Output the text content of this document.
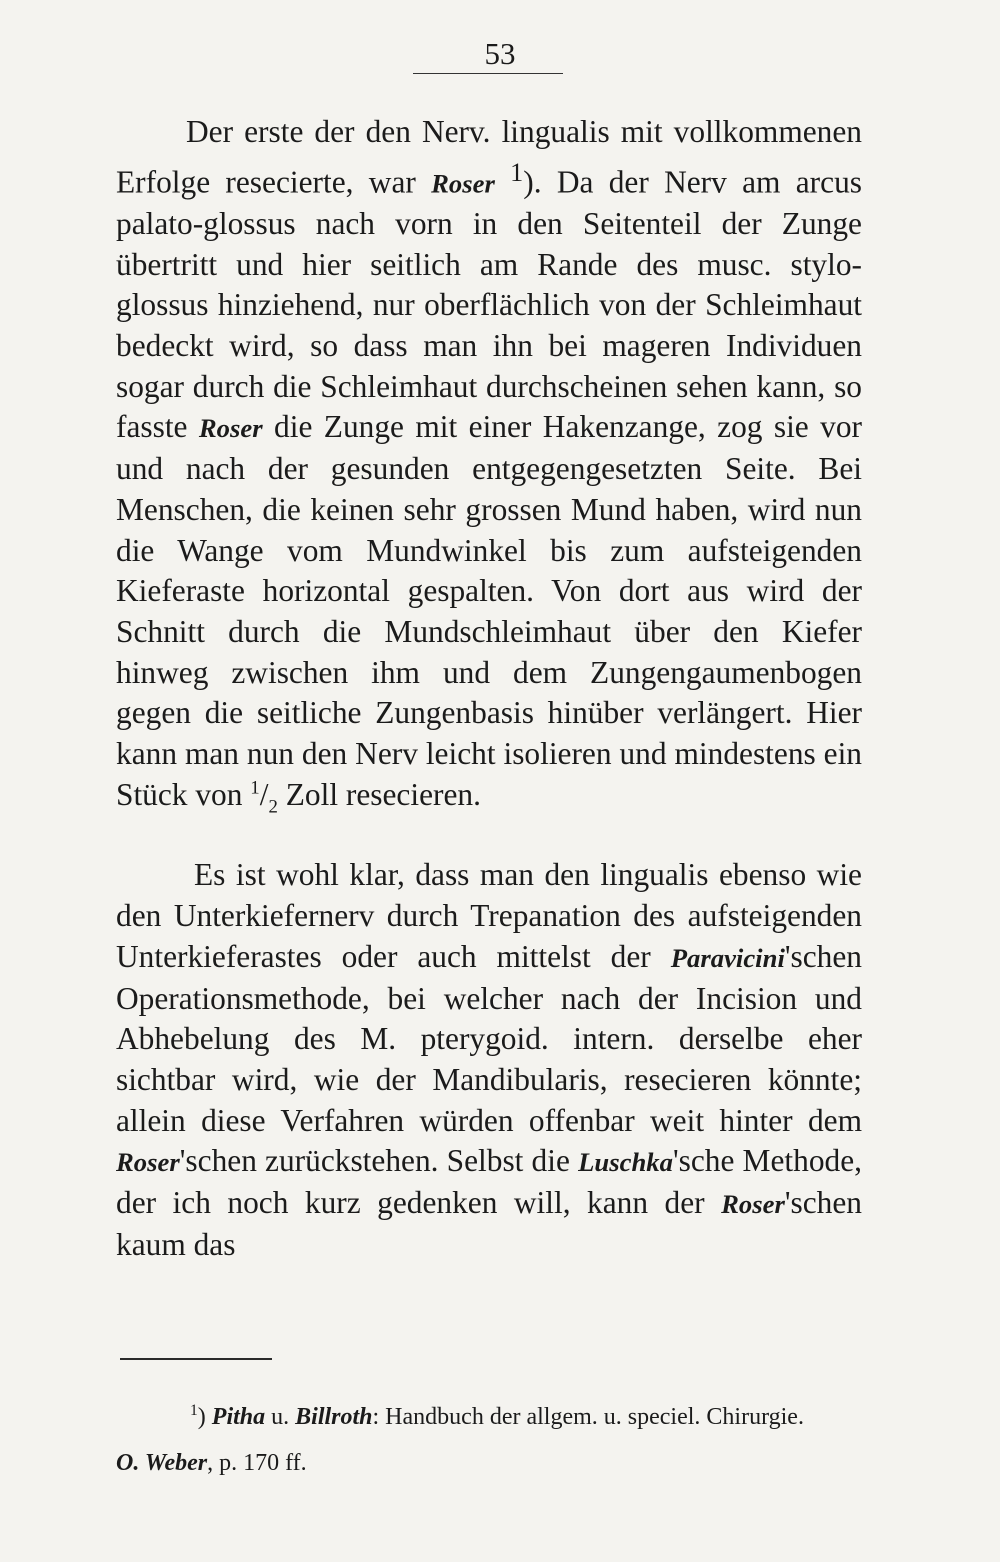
53

Der erste der den Nerv. lingualis mit vollkommenen Erfolge resecierte, war Roser $^1$). Da der Nerv am arcus palato-glossus nach vorn in den Seitenteil der Zunge übertritt und hier seitlich am Rande des musc. stylo-glossus hinziehend, nur oberflächlich von der Schleimhaut bedeckt wird, so dass man ihn bei mageren Individuen sogar durch die Schleimhaut durchscheinen sehen kann, so fasste Roser die Zunge mit einer Hakenzange, zog sie vor und nach der gesunden entgegengesetzten Seite. Bei Menschen, die keinen sehr grossen Mund haben, wird nun die Wange vom Mundwinkel bis zum aufsteigenden Kieferaste horizontal gespalten. Von dort aus wird der Schnitt durch die Mundschleimhaut über den Kiefer hinweg zwischen ihm und dem Zungengaumenbogen gegen die seitliche Zungenbasis hinüber verlängert. Hier kann man nun den Nerv leicht isolieren und mindestens ein Stück von $^1/_2$ Zoll resecieren.

Es ist wohl klar, dass man den lingualis ebenso wie den Unterkiefernerv durch Trepanation des aufsteigenden Unterkieferastes oder auch mittelst der Paravicini'schen Operationsmethode, bei welcher nach der Incision und Abhebelung des M. pterygoid. intern. derselbe eher sichtbar wird, wie der Mandibularis, resecieren könnte; allein diese Verfahren würden offenbar weit hinter dem Roser'schen zurückstehen. Selbst die Luschka'sche Methode, der ich noch kurz gedenken will, kann der Roser'schen kaum das

$^1$) Pitha u. Billroth: Handbuch der allgem. u. speciel. Chirurgie.

O. Weber, p. 170 ff.
